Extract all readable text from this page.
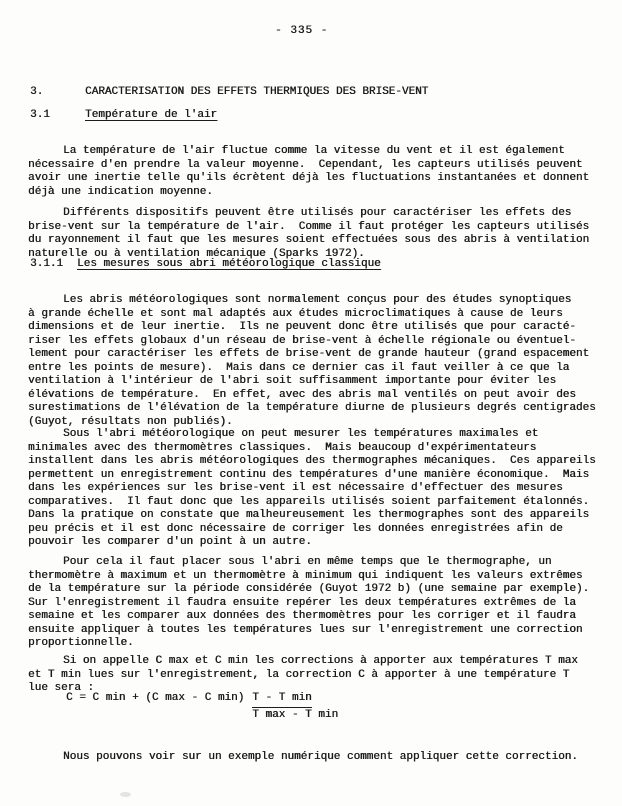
- 335 -
3.	CARACTERISATION DES EFFETS THERMIQUES DES BRISE-VENT
3.1	Température de l'air

La température de l'air fluctue comme la vitesse du vent et il est également
nécessaire d'en prendre la valeur moyenne.  Cependant, les capteurs utilisés peuvent
avoir une inertie telle qu'ils écrètent déjà les fluctuations instantanées et donnent
déjà une indication moyenne.

Différents dispositifs peuvent être utilisés pour caractériser les effets des
brise-vent sur la température de l'air.  Comme il faut protéger les capteurs utilisés
du rayonnement il faut que les mesures soient effectuées sous des abris à ventilation
naturelle ou à ventilation mécanique (Sparks 1972).

3.1.1 Les mesures sous abri météorologique classique

Les abris météorologiques sont normalement conçus pour des études synoptiques
à grande échelle et sont mal adaptés aux études microclimatiques à cause de leurs
dimensions et de leur inertie.  Ils ne peuvent donc être utilisés que pour caracté-
riser les effets globaux d'un réseau de brise-vent à échelle régionale ou éventuel-
lement pour caractériser les effets de brise-vent de grande hauteur (grand espacement
entre les points de mesure).  Mais dans ce dernier cas il faut veiller à ce que la
ventilation à l'intérieur de l'abri soit suffisamment importante pour éviter les
élévations de température.  En effet, avec des abris mal ventilés on peut avoir des
surestimations de l'élévation de la température diurne de plusieurs degrés centigrades
(Guyot, résultats non publiés).

Sous l'abri météorologique on peut mesurer les températures maximales et
minimales avec des thermomètres classiques.  Mais beaucoup d'expérimentateurs
installent dans les abris météorologiques des thermographes mécaniques.  Ces appareils
permettent un enregistrement continu des températures d'une manière économique.  Mais
dans les expériences sur les brise-vent il est nécessaire d'effectuer des mesures
comparatives.  Il faut donc que les appareils utilisés soient parfaitement étalonnés.
Dans la pratique on constate que malheureusement les thermographes sont des appareils
peu précis et il est donc nécessaire de corriger les données enregistrées afin de
pouvoir les comparer d'un point à un autre.

Pour cela il faut placer sous l'abri en même temps que le thermographe, un
thermomètre à maximum et un thermomètre à minimum qui indiquent les valeurs extrêmes
de la température sur la période considérée (Guyot 1972 b) (une semaine par exemple).
Sur l'enregistrement il faudra ensuite repérer les deux températures extrêmes de la
semaine et les comparer aux données des thermomètres pour les corriger et il faudra
ensuite appliquer à toutes les températures lues sur l'enregistrement une correction
proportionnelle.

Si on appelle C max et C min les corrections à apporter aux températures T max
et T min lues sur l'enregistrement, la correction C à apporter à une température T
lue sera :

C = C min + (C max - C $\min) \frac{\text{T - T min}}{\text{T max - T min}}$

Nous pouvons voir sur un exemple numérique comment appliquer cette correction.
